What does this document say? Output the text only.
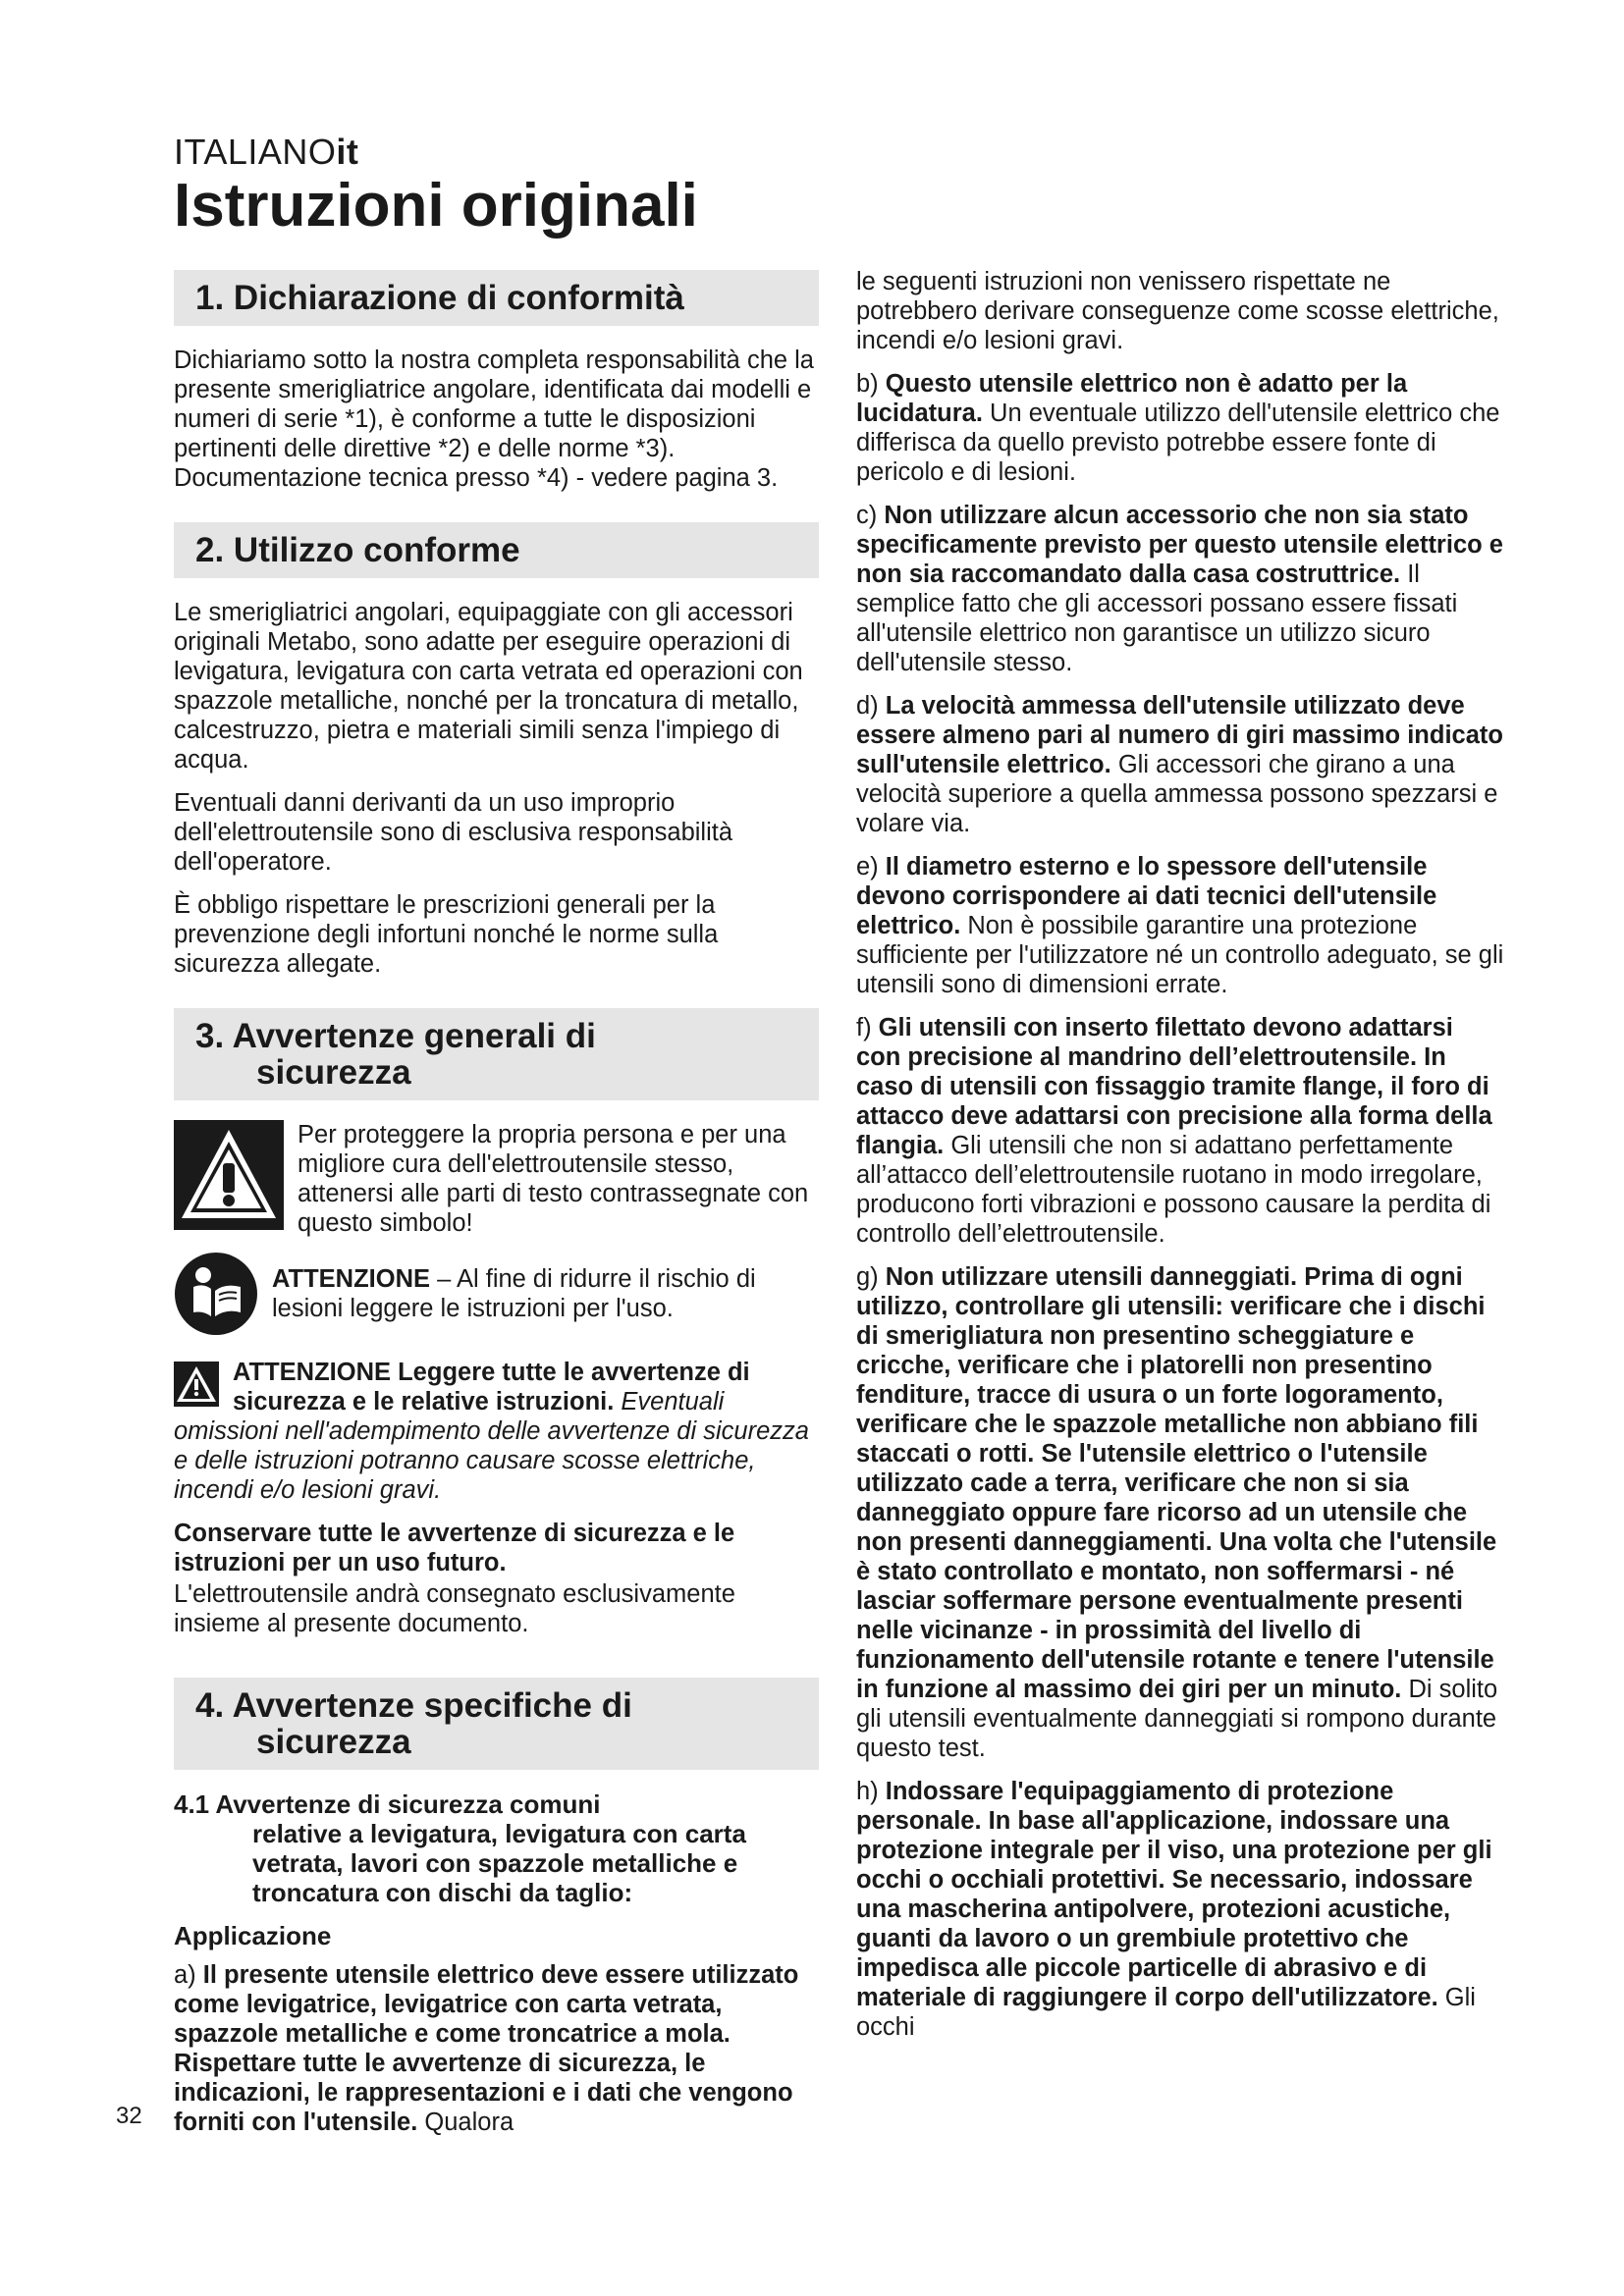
ITALIANOit
Istruzioni originali
1. Dichiarazione di conformità

Dichiariamo sotto la nostra completa responsabilità che la presente smerigliatrice angolare, identificata dai modelli e numeri di serie *1), è conforme a tutte le disposizioni pertinenti delle direttive *2) e delle norme *3). Documentazione tecnica presso *4) - vedere pagina 3.

2. Utilizzo conforme

Le smerigliatrici angolari, equipaggiate con gli accessori originali Metabo, sono adatte per eseguire operazioni di levigatura, levigatura con carta vetrata ed operazioni con spazzole metalliche, nonché per la troncatura di metallo, calcestruzzo, pietra e materiali simili senza l'impiego di acqua.

Eventuali danni derivanti da un uso improprio dell'elettroutensile sono di esclusiva responsabilità dell'operatore.

È obbligo rispettare le prescrizioni generali per la prevenzione degli infortuni nonché le norme sulla sicurezza allegate.

3. Avvertenze generali di
sicurezza

Per proteggere la propria persona e per una migliore cura dell'elettroutensile stesso, attenersi alle parti di testo contrassegnate con questo simbolo!

ATTENZIONE – Al fine di ridurre il rischio di lesioni leggere le istruzioni per l'uso.

ATTENZIONE Leggere tutte le avvertenze di sicurezza e le relative istruzioni. Eventuali omissioni nell'adempimento delle avvertenze di sicurezza e delle istruzioni potranno causare scosse elettriche, incendi e/o lesioni gravi.

Conservare tutte le avvertenze di sicurezza e le istruzioni per un uso futuro.

L'elettroutensile andrà consegnato esclusivamente insieme al presente documento.

4. Avvertenze specifiche di
sicurezza
4.1 Avvertenze di sicurezza comuni
relative a levigatura, levigatura con carta vetrata, lavori con spazzole metalliche e troncatura con dischi da taglio:
Applicazione

a) Il presente utensile elettrico deve essere utilizzato come levigatrice, levigatrice con carta vetrata, spazzole metalliche e come troncatrice a mola. Rispettare tutte le avvertenze di sicurezza, le indicazioni, le rappresentazioni e i dati che vengono forniti con l'utensile. Qualora

le seguenti istruzioni non venissero rispettate ne potrebbero derivare conseguenze come scosse elettriche, incendi e/o lesioni gravi.

b) Questo utensile elettrico non è adatto per la lucidatura. Un eventuale utilizzo dell'utensile elettrico che differisca da quello previsto potrebbe essere fonte di pericolo e di lesioni.

c) Non utilizzare alcun accessorio che non sia stato specificamente previsto per questo utensile elettrico e non sia raccomandato dalla casa costruttrice. Il semplice fatto che gli accessori possano essere fissati all'utensile elettrico non garantisce un utilizzo sicuro dell'utensile stesso.

d) La velocità ammessa dell'utensile utilizzato deve essere almeno pari al numero di giri massimo indicato sull'utensile elettrico. Gli accessori che girano a una velocità superiore a quella ammessa possono spezzarsi e volare via.

e) Il diametro esterno e lo spessore dell'utensile devono corrispondere ai dati tecnici dell'utensile elettrico. Non è possibile garantire una protezione sufficiente per l'utilizzatore né un controllo adeguato, se gli utensili sono di dimensioni errate.

f) Gli utensili con inserto filettato devono adattarsi con precisione al mandrino dell’elettroutensile. In caso di utensili con fissaggio tramite flange, il foro di attacco deve adattarsi con precisione alla forma della flangia. Gli utensili che non si adattano perfettamente all’attacco dell’elettroutensile ruotano in modo irregolare, producono forti vibrazioni e possono causare la perdita di controllo dell’elettroutensile.

g) Non utilizzare utensili danneggiati. Prima di ogni utilizzo, controllare gli utensili: verificare che i dischi di smerigliatura non presentino scheggiature e cricche, verificare che i platorelli non presentino fenditure, tracce di usura o un forte logoramento, verificare che le spazzole metalliche non abbiano fili staccati o rotti. Se l'utensile elettrico o l'utensile utilizzato cade a terra, verificare che non si sia danneggiato oppure fare ricorso ad un utensile che non presenti danneggiamenti. Una volta che l'utensile è stato controllato e montato, non soffermarsi - né lasciar soffermare persone eventualmente presenti nelle vicinanze - in prossimità del livello di funzionamento dell'utensile rotante e tenere l'utensile in funzione al massimo dei giri per un minuto. Di solito gli utensili eventualmente danneggiati si rompono durante questo test.

h) Indossare l'equipaggiamento di protezione personale. In base all'applicazione, indossare una protezione integrale per il viso, una protezione per gli occhi o occhiali protettivi. Se necessario, indossare una mascherina antipolvere, protezioni acustiche, guanti da lavoro o un grembiule protettivo che impedisca alle piccole particelle di abrasivo e di materiale di raggiungere il corpo dell'utilizzatore. Gli occhi

32
